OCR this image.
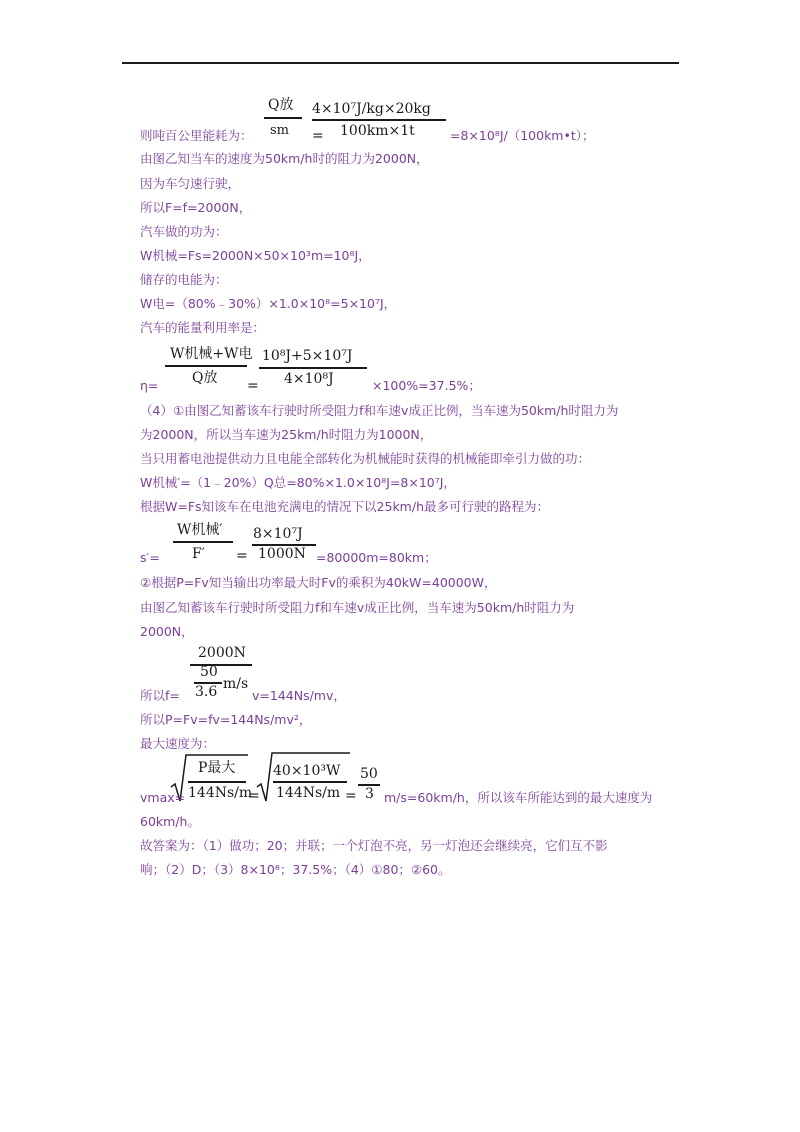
Q放
sm =
4×10⁷J/kg×20kg
100km×1t
则吨百公里能耗为：	=8×10⁸J/（100km•t）；
由图乙知当车的速度为50km/h时的阻力为2000N，
因为车匀速行驶，
所以F=f=2000N，
汽车做的功为：
W机械=Fs=2000N×50×10³m=10⁸J，
储存的电能为：
W电=（80%﹣30%）×1.0×10⁸=5×10⁷J，
汽车的能量利用率是：
W机械+W电
Q放 =
10⁸J+5×10⁷J
4×10⁸J
η=	×100%=37.5%；
（4）①由图乙知蓄该车行驶时所受阻力f和车速v成正比例，当车速为50km/h时阻力为
为2000N，所以当车速为25km/h时阻力为1000N，
当只用蓄电池提供动力且电能全部转化为机械能时获得的机械能即牵引力做的功：
W机械′=（1﹣20%）Q总=80%×1.0×10⁸J=8×10⁷J，
根据W=Fs知该车在电池充满电的情况下以25km/h最多可行驶的路程为：
W机械′
F′ =
8×10⁷J
1000N
s′=	=80000m=80km；
②根据P=Fv知当输出功率最大时Fv的乘积为40kW=40000W，
由图乙知蓄该车行驶时所受阻力f和车速v成正比例，当车速为50km/h时阻力为
2000N，
2000N
50
3.6 m/s
所以f=	v=144Ns/mv，
所以P=Fv=fv=144Ns/mv²，
最大速度为：
P最大
144Ns/m
=
40×10³W
144Ns/m =
50
3
vmax=	m/s=60km/h，所以该车所能达到的最大速度为
60km/h。
故答案为：（1）做功；20；并联；一个灯泡不亮，另一灯泡还会继续亮，它们互不影
响；（2）D；（3）8×10⁸；37.5%；（4）①80；②60。
